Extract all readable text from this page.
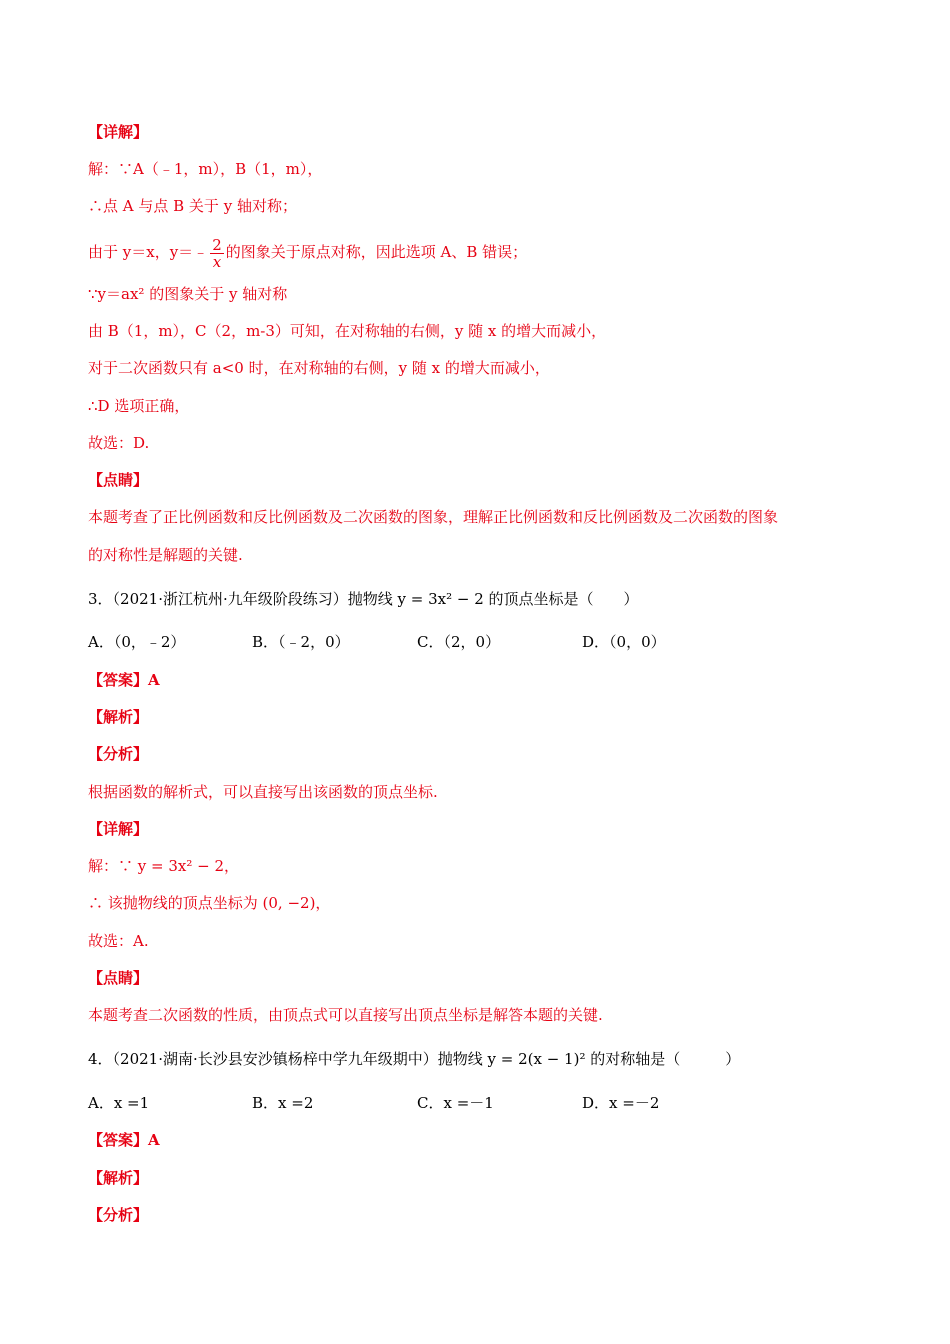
【详解】
解：∵A（﹣1，m），B（1，m），
∴点 A 与点 B 关于 y 轴对称；
由于 y＝x，y＝﹣ $\frac{2}{x}$ 的图象关于原点对称，因此选项 A、B 错误；
∵y＝ax² 的图象关于 y 轴对称
由 B（1，m），C（2，m-3）可知，在对称轴的右侧，y 随 x 的增大而减小，
对于二次函数只有 a<0 时，在对称轴的右侧，y 随 x 的增大而减小，
∴D 选项正确，
故选：D.
【点睛】
本题考查了正比例函数和反比例函数及二次函数的图象，理解正比例函数和反比例函数及二次函数的图象
的对称性是解题的关键.
3．（2021·浙江杭州·九年级阶段练习）抛物线 y = 3x² − 2 的顶点坐标是（　　）
A．（0，﹣2）	B．（﹣2，0）	C．（2，0）	D．（0，0）
【答案】A
【解析】
【分析】
根据函数的解析式，可以直接写出该函数的顶点坐标.
【详解】
解：∵ y = 3x² − 2，
∴ 该抛物线的顶点坐标为 (0, −2)，
故选：A.
【点睛】
本题考查二次函数的性质，由顶点式可以直接写出顶点坐标是解答本题的关键.
4．（2021·湖南·长沙县安沙镇杨梓中学九年级期中）抛物线 y = 2(x − 1)² 的对称轴是（　　　）
A．x =1	B．x =2	C．x =－1	D．x =－2
【答案】A
【解析】
【分析】
